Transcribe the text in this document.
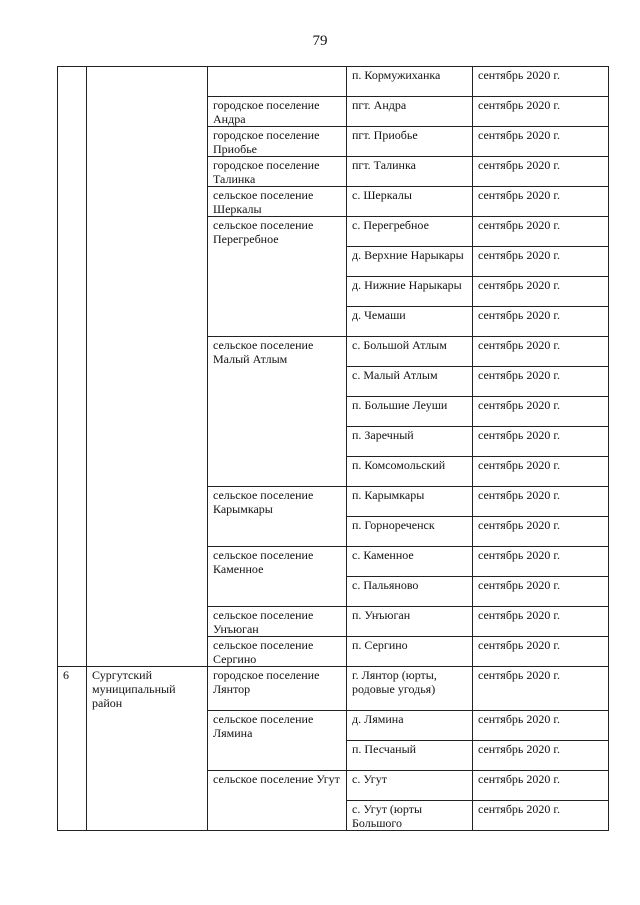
79
			п. Кормужиханка	сентябрь 2020 г.
		городское поселение Андра	пгт. Андра	сентябрь 2020 г.
		городское поселение Приобье	пгт. Приобье	сентябрь 2020 г.
		городское поселение Талинка	пгт. Талинка	сентябрь 2020 г.
		сельское поселение Шеркалы	с. Шеркалы	сентябрь 2020 г.
		сельское поселение Перегребное	с. Перегребное	сентябрь 2020 г.
			д. Верхние Нарыкары	сентябрь 2020 г.
			д. Нижние Нарыкары	сентябрь 2020 г.
			д. Чемаши	сентябрь 2020 г.
		сельское поселение Малый Атлым	с. Большой Атлым	сентябрь 2020 г.
			с. Малый Атлым	сентябрь 2020 г.
			п. Большие Леуши	сентябрь 2020 г.
			п. Заречный	сентябрь 2020 г.
			п. Комсомольский	сентябрь 2020 г.
		сельское поселение Карымкары	п. Карымкары	сентябрь 2020 г.
			п. Горнореченск	сентябрь 2020 г.
		сельское поселение Каменное	с. Каменное	сентябрь 2020 г.
			с. Пальяново	сентябрь 2020 г.
		сельское поселение Унъюган	п. Унъюган	сентябрь 2020 г.
		сельское поселение Сергино	п. Сергино	сентябрь 2020 г.
6	Сургутский муниципальный район	городское поселение Лянтор	г. Лянтор (юрты, родовые угодья)	сентябрь 2020 г.
		сельское поселение Лямина	д. Лямина	сентябрь 2020 г.
			п. Песчаный	сентябрь 2020 г.
		сельское поселение Угут	с. Угут	сентябрь 2020 г.
			с. Угут (юрты Большого	сентябрь 2020 г.
